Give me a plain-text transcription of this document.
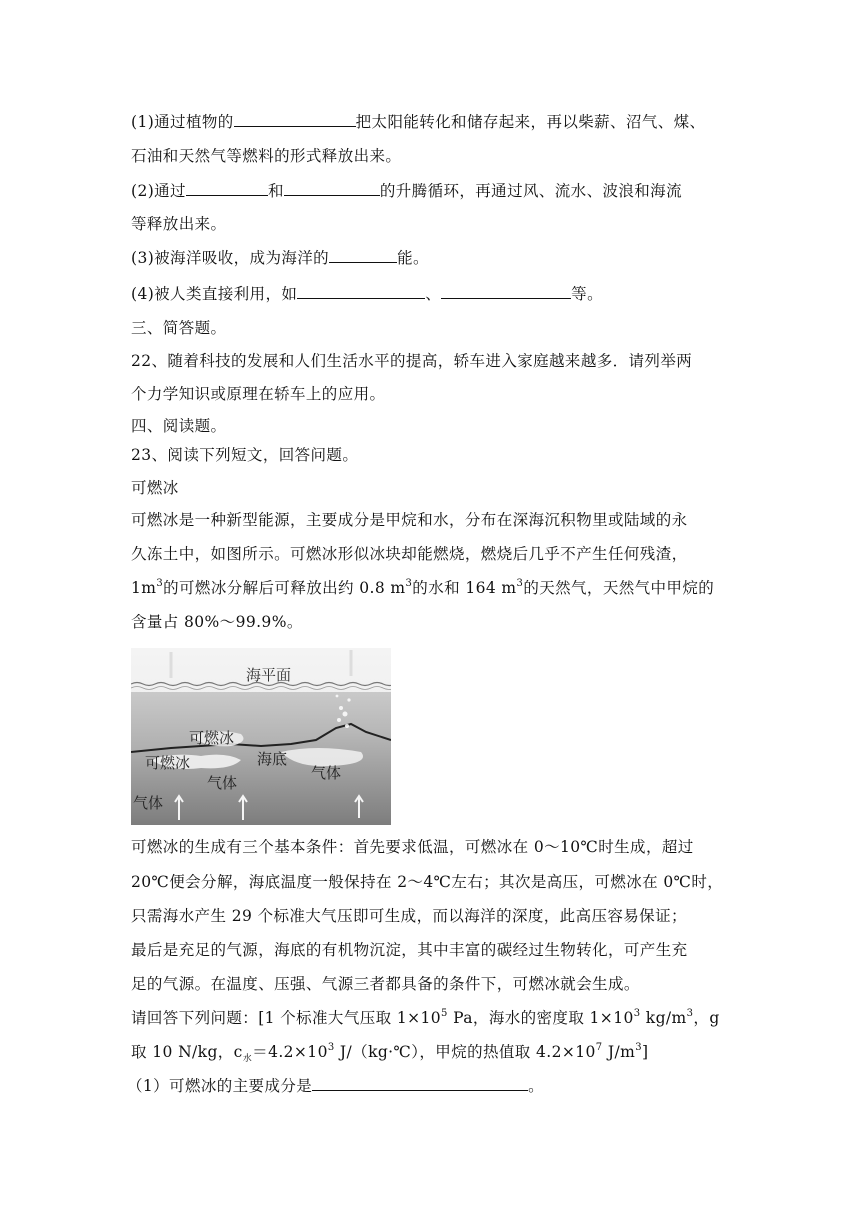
(1)通过植物的	把太阳能转化和储存起来，再以柴薪、沼气、煤、
石油和天然气等燃料的形式释放出来。
(2)通过	和	的升腾循环，再通过风、流水、波浪和海流
等释放出来。
(3)被海洋吸收，成为海洋的	能。
(4)被人类直接利用，如	、	等。
三、简答题。
22、随着科技的发展和人们生活水平的提高，轿车进入家庭越来越多．请列举两
个力学知识或原理在轿车上的应用。
四、阅读题。
23、阅读下列短文，回答问题。
可燃冰
可燃冰是一种新型能源，主要成分是甲烷和水，分布在深海沉积物里或陆域的永
久冻土中，如图所示。可燃冰形似冰块却能燃烧，燃烧后几乎不产生任何残渣，
$1m^3$的可燃冰分解后可释放出约 0.8 $m^3$的水和 164 $m^3$的天然气，天然气中甲烷的
含量占 80%～99.9%。
海平面
可燃冰
可燃冰	海底
气体
气体
气体
可燃冰的生成有三个基本条件：首先要求低温，可燃冰在 0～10℃时生成，超过
20℃便会分解，海底温度一般保持在 2～4℃左右；其次是高压，可燃冰在 0℃时，
只需海水产生 29 个标准大气压即可生成，而以海洋的深度，此高压容易保证；
最后是充足的气源，海底的有机物沉淀，其中丰富的碳经过生物转化，可产生充
足的气源。在温度、压强、气源三者都具备的条件下，可燃冰就会生成。
请回答下列问题：[1 个标准大气压取 $1\times 10^5$ Pa，海水的密度取 $1\times 10^3$ $kg/m^3$，g
取 10 N/kg，$c_水=4.2\times 10^3$ J/（kg·℃），甲烷的热值取 $4.2\times 10^7$ $J/m^3$]
（1）可燃冰的主要成分是	。
